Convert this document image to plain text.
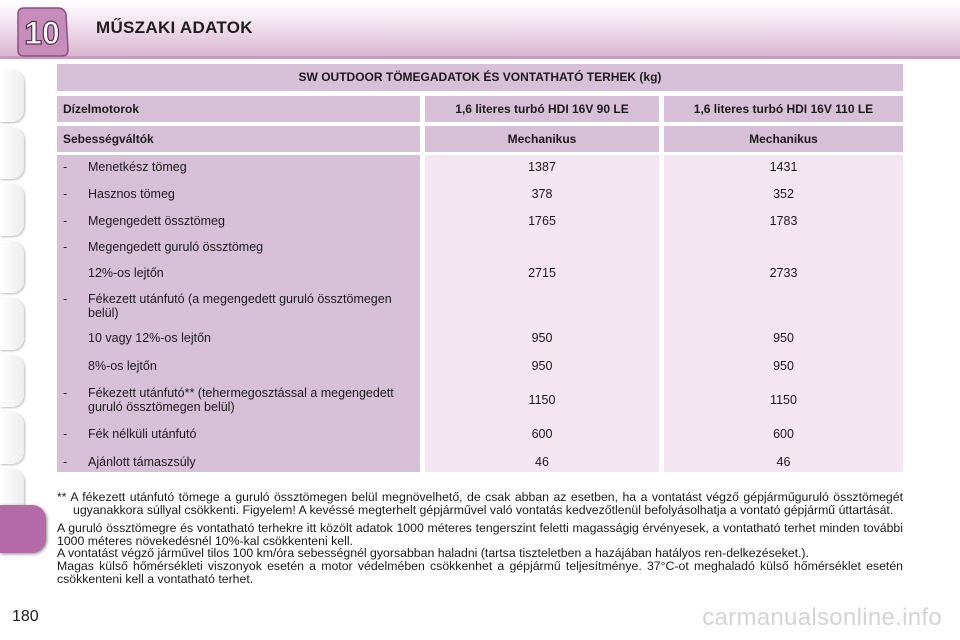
10 MŰSZAKI ADATOK
SW OUTDOOR TÖMEGADATOK ÉS VONTATHATÓ TERHEK (kg)
Dízelmotorok	1,6 literes turbó HDI 16V 90 LE	1,6 literes turbó HDI 16V 110 LE
Sebességváltók	Mechanikus	Mechanikus
- Menetkész tömeg	1387	1431
- Hasznos tömeg	378	352
- Megengedett össztömeg	1765	1783
- Megengedett guruló össztömeg
12%-os lejtőn	2715	2733
- Fékezett utánfutó (a megengedett guruló össztömegen belül)
10 vagy 12%-os lejtőn	950	950
8%-os lejtőn	950	950
- Fékezett utánfutó** (tehermegosztással a megengedett guruló össztömegen belül)	1150	1150
- Fék nélküli utánfutó	600	600
- Ajánlott támaszsúly	46	46

** A fékezett utánfutó tömege a guruló össztömegen belül megnövelhető, de csak abban az esetben, ha a vontatást végző gépjárműguruló össztömegét ugyanakkora súllyal csökkenti. Figyelem! A kevéssé megterhelt gépjárművel való vontatás kedvezőtlenül befolyásolhatja a vontató gépjármű úttartását.

A guruló össztömegre és vontatható terhekre itt közölt adatok 1000 méteres tengerszint feletti magasságig érvényesek, a vontatható terhet minden további 1000 méteres növekedésnél 10%-kal csökkenteni kell.

A vontatást végző járművel tilos 100 km/óra sebességnél gyorsabban haladni (tartsa tiszteletben a hazájában hatályos ren-delkezéseket.).

Magas külső hőmérsékleti viszonyok esetén a motor védelmében csökkenhet a gépjármű teljesítménye. 37°C-ot meghaladó külső hőmérséklet esetén csökkenteni kell a vontatható terhet.

180	carmanualsonline.info
